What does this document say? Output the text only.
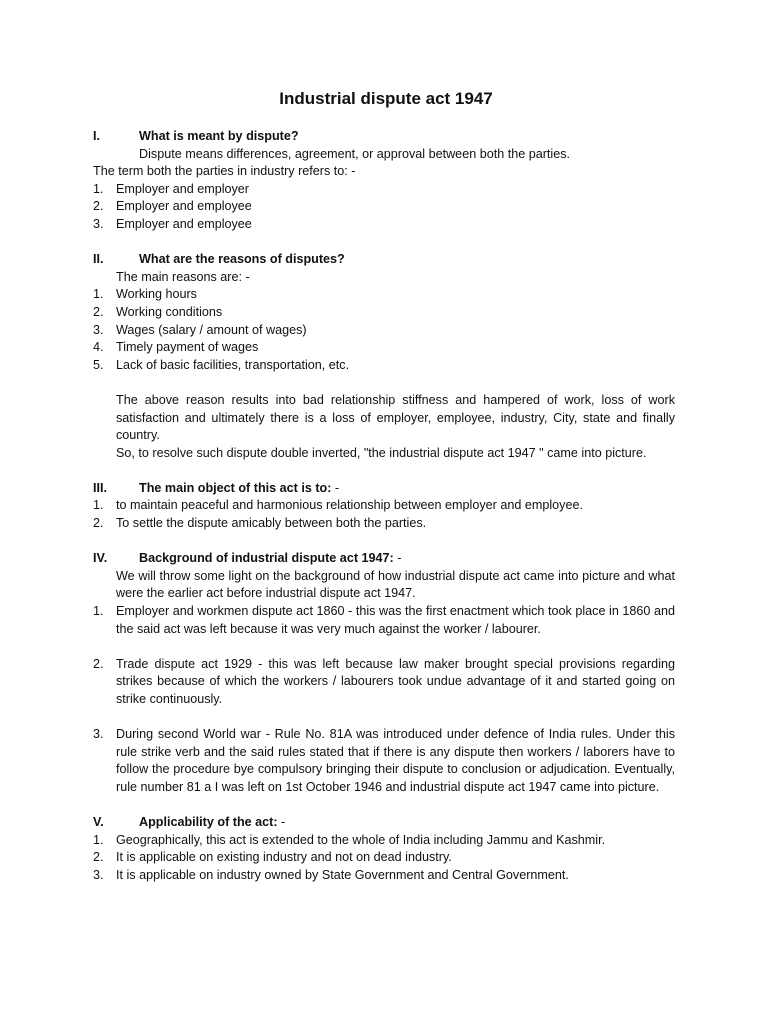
Industrial dispute act 1947
I.	What is meant by dispute?
Dispute means differences, agreement, or approval between both the parties.
The term both the parties in industry refers to: -
1. Employer and employer
2. Employer and employee
3. Employer and employee
II.	What are the reasons of disputes?
The main reasons are: -
1. Working hours
2. Working conditions
3. Wages (salary / amount of wages)
4. Timely payment of wages
5. Lack of basic facilities, transportation, etc.
The above reason results into bad relationship stiffness and hampered of work, loss of work satisfaction and ultimately there is a loss of employer, employee, industry, City, state and finally country.
So, to resolve such dispute double inverted, "the industrial dispute act 1947 " came into picture.
III.	The main object of this act is to: -
1. to maintain peaceful and harmonious relationship between employer and employee.
2. To settle the dispute amicably between both the parties.
IV.	Background of industrial dispute act 1947: -
We will throw some light on the background of how industrial dispute act came into picture and what were the earlier act before industrial dispute act 1947.
1. Employer and workmen dispute act 1860 - this was the first enactment which took place in 1860 and the said act was left because it was very much against the worker / labourer.
2. Trade dispute act 1929 - this was left because law maker brought special provisions regarding strikes because of which the workers / labourers took undue advantage of it and started going on strike continuously.
3. During second World war - Rule No. 81A was introduced under defence of India rules. Under this rule strike verb and the said rules stated that if there is any dispute then workers / laborers have to follow the procedure bye compulsory bringing their dispute to conclusion or adjudication. Eventually, rule number 81 a I was left on 1st October 1946 and industrial dispute act 1947 came into picture.
V.	Applicability of the act: -
1. Geographically, this act is extended to the whole of India including Jammu and Kashmir.
2. It is applicable on existing industry and not on dead industry.
3. It is applicable on industry owned by State Government and Central Government.
